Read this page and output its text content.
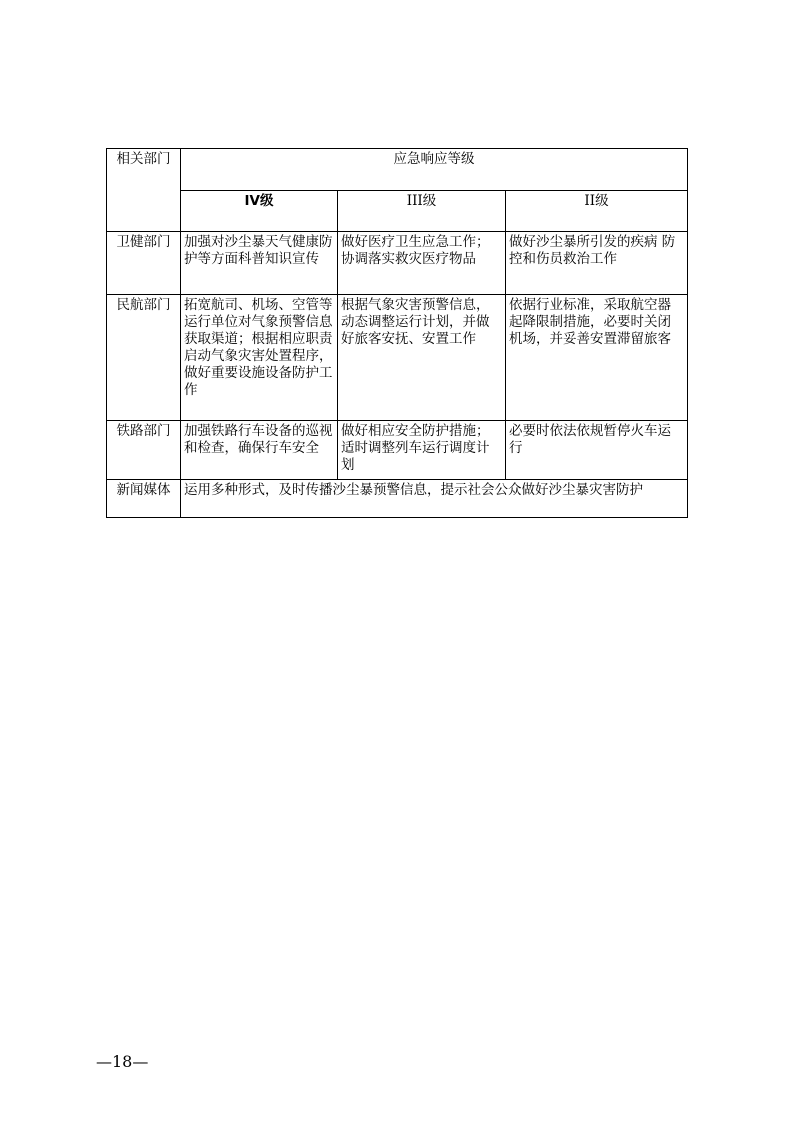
相关部门	应急响应等级		
	IV级	III级	II级
卫健部门	加强对沙尘暴天气健康防护等方面科普知识宣传	做好医疗卫生应急工作；协调落实救灾医疗物品	做好沙尘暴所引发的疾病 防控和伤员救治工作
民航部门	拓宽航司、机场、空管等运行单位对气象预警信息获取渠道；根据相应职责启动气象灾害处置程序，做好重要设施设备防护工作	根据气象灾害预警信息，动态调整运行计划，并做好旅客安抚、安置工作	依据行业标准，采取航空器起降限制措施，必要时关闭机场，并妥善安置滞留旅客
铁路部门	加强铁路行车设备的巡视和检查，确保行车安全	做好相应安全防护措施；适时调整列车运行调度计划	必要时依法依规暂停火车运行
新闻媒体	运用多种形式，及时传播沙尘暴预警信息，提示社会公众做好沙尘暴灾害防护		
—18—
